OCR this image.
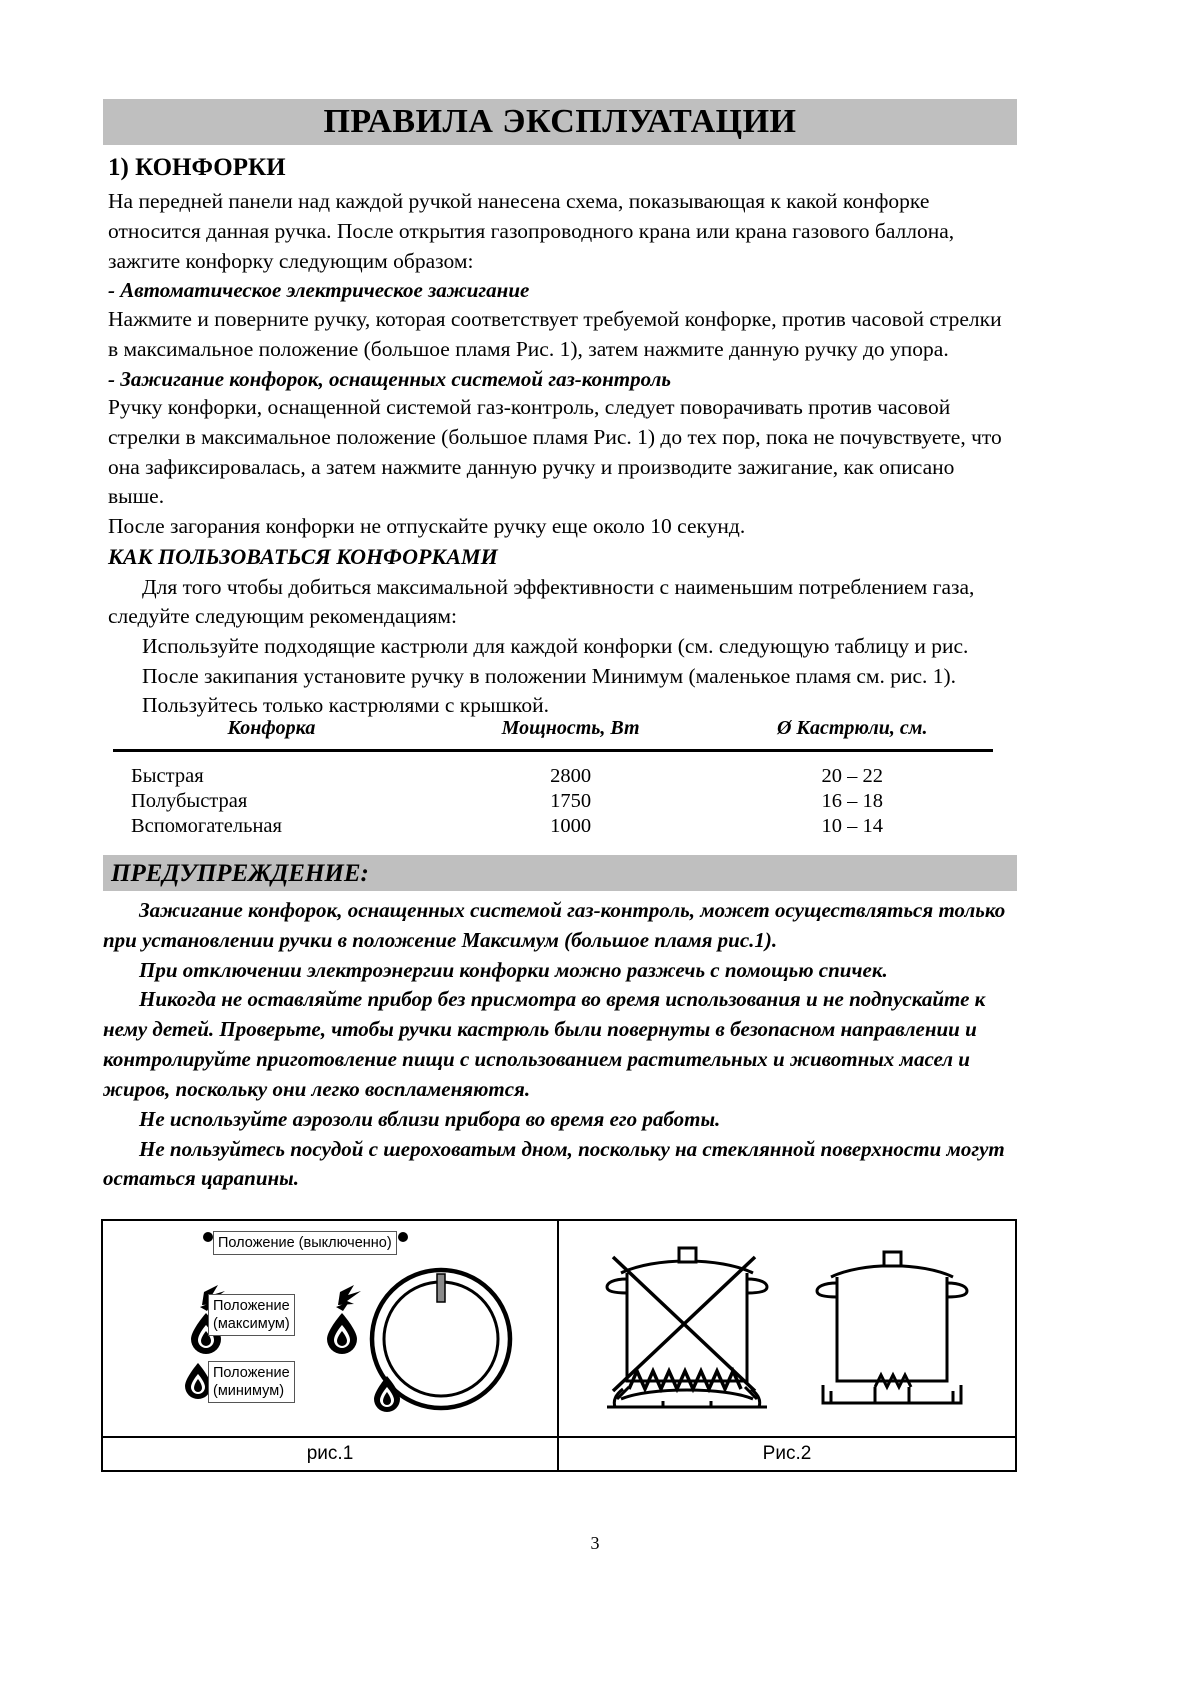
ПРАВИЛА ЭКСПЛУАТАЦИИ
1) КОНФОРКИ

На передней панели над каждой ручкой нанесена схема, показывающая к какой конфорке относится данная ручка. После открытия газопроводного крана или крана газового баллона, зажгите конфорку следующим образом:

- Автоматическое электрическое зажигание

Нажмите и поверните ручку, которая соответствует требуемой конфорке, против часовой стрелки в максимальное положение (большое пламя Рис. 1), затем нажмите данную ручку до упора.

- Зажигание конфорок, оснащенных системой газ-контроль

Ручку конфорки, оснащенной системой газ-контроль, следует поворачивать против часовой стрелки в максимальное положение (большое пламя Рис. 1) до тех пор, пока не почувствуете, что она зафиксировалась, а затем нажмите данную ручку и производите зажигание, как описано выше.

После загорания конфорки не отпускайте ручку еще около 10 секунд.

КАК ПОЛЬЗОВАТЬСЯ КОНФОРКАМИ

Для того чтобы добиться максимальной эффективности с наименьшим потреблением газа, следуйте следующим рекомендациям:

Используйте подходящие кастрюли для каждой конфорки (см. следующую таблицу и рис.

После закипания установите ручку в положении Минимум (маленькое пламя см. рис. 1).

Пользуйтесь только кастрюлями с крышкой.

Конфорка	Мощность, Вт	Ø Кастрюли, см.
Быстрая	2800	20 – 22
Полубыстрая	1750	16 – 18
Вспомогательная	1000	10 – 14
ПРЕДУПРЕЖДЕНИЕ:

Зажигание конфорок, оснащенных системой газ-контроль, может осуществляться только при установлении ручки в положение Максимум (большое пламя рис.1).

При отключении электроэнергии конфорки можно разжечь с помощью спичек.

Никогда не оставляйте прибор без присмотра во время использования и не подпускайте к нему детей. Проверьте, чтобы ручки кастрюль были повернуты в безопасном направлении и контролируйте приготовление пищи с использованием растительных и животных масел и жиров, поскольку они легко воспламеняются.

Не используйте аэрозоли вблизи прибора во время его работы.

Не пользуйтесь посудой с шероховатым дном, поскольку на стеклянной поверхности могут остаться царапины.

Положение (выключенно)
Положение
(максимум)
Положение
(минимум)
рис.1	Рис.2
3
